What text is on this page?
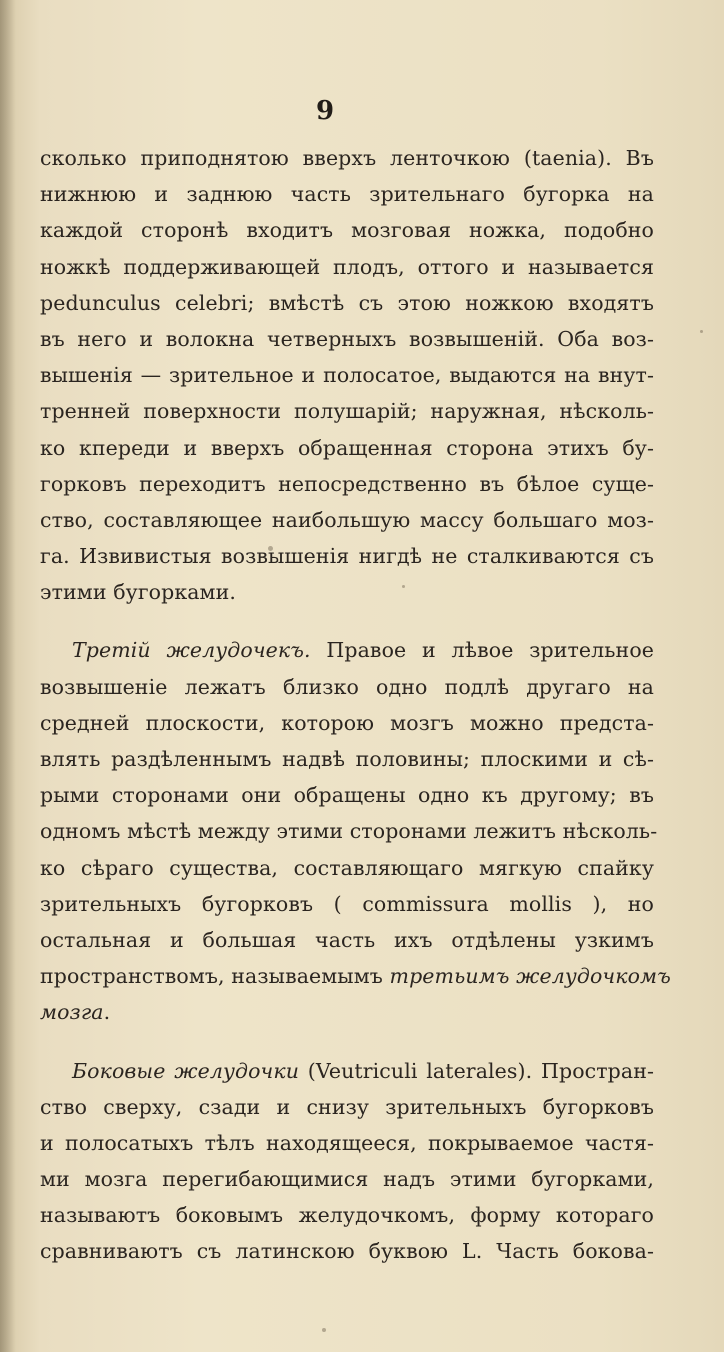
9
сколько приподнятою вверхъ ленточкою (taenia). Въ
нижнюю и заднюю часть зрительнаго бугорка на
каждой сторонѣ входитъ мозговая ножка, подобно
ножкѣ поддерживающей плодъ, оттого и называется
pedunculus celebri; вмѣстѣ съ этою ножкою входятъ
въ него и волокна четверныхъ возвышеній. Оба воз-
вышенія — зрительное и полосатое, выдаются на внут-
тренней поверхности полушарій; наружная, нѣсколь-
ко кпереди и вверхъ обращенная сторона этихъ бу-
горковъ переходитъ непосредственно въ бѣлое суще-
ство, составляющее наибольшую массу большаго моз-
га. Извивистыя возвышенія нигдѣ не сталкиваются съ
этими бугорками.
Третій желудочекъ. Правое и лѣвое зрительное
возвышеніе лежатъ близко одно подлѣ другаго на
средней плоскости, которою мозгъ можно предста-
влять раздѣленнымъ надвѣ половины; плоскими и сѣ-
рыми сторонами они обращены одно къ другому; въ
одномъ мѣстѣ между этими сторонами лежитъ нѣсколь-
ко сѣраго существа, составляющаго мягкую спайку
зрительныхъ бугорковъ ( commissura mollis ), но
остальная и большая часть ихъ отдѣлены узкимъ
пространствомъ, называемымъ третьимъ желудочкомъ
мозга.
Боковые желудочки (Veutriculi laterales). Простран-
ство сверху, сзади и снизу зрительныхъ бугорковъ
и полосатыхъ тѣлъ находящееся, покрываемое частя-
ми мозга перегибающимися надъ этими бугорками,
называютъ боковымъ желудочкомъ, форму котораго
сравниваютъ съ латинскою буквою L. Часть бокова-
